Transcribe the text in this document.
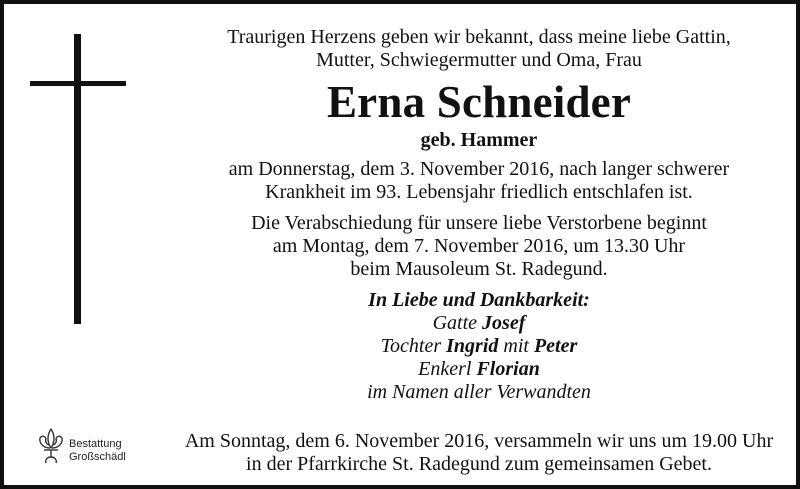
Traurigen Herzens geben wir bekannt, dass meine liebe Gattin,
Mutter, Schwiegermutter und Oma, Frau
Erna Schneider
geb. Hammer
am Donnerstag, dem 3. November 2016, nach langer schwerer
Krankheit im 93. Lebensjahr friedlich entschlafen ist.
Die Verabschiedung für unsere liebe Verstorbene beginnt
am Montag, dem 7. November 2016, um 13.30 Uhr
beim Mausoleum St. Radegund.
In Liebe und Dankbarkeit:
Gatte Josef
Tochter Ingrid mit Peter
Enkerl Florian
im Namen aller Verwandten
Bestattung
Großschädl
Am Sonntag, dem 6. November 2016, versammeln wir uns um 19.00 Uhr
in der Pfarrkirche St. Radegund zum gemeinsamen Gebet.
